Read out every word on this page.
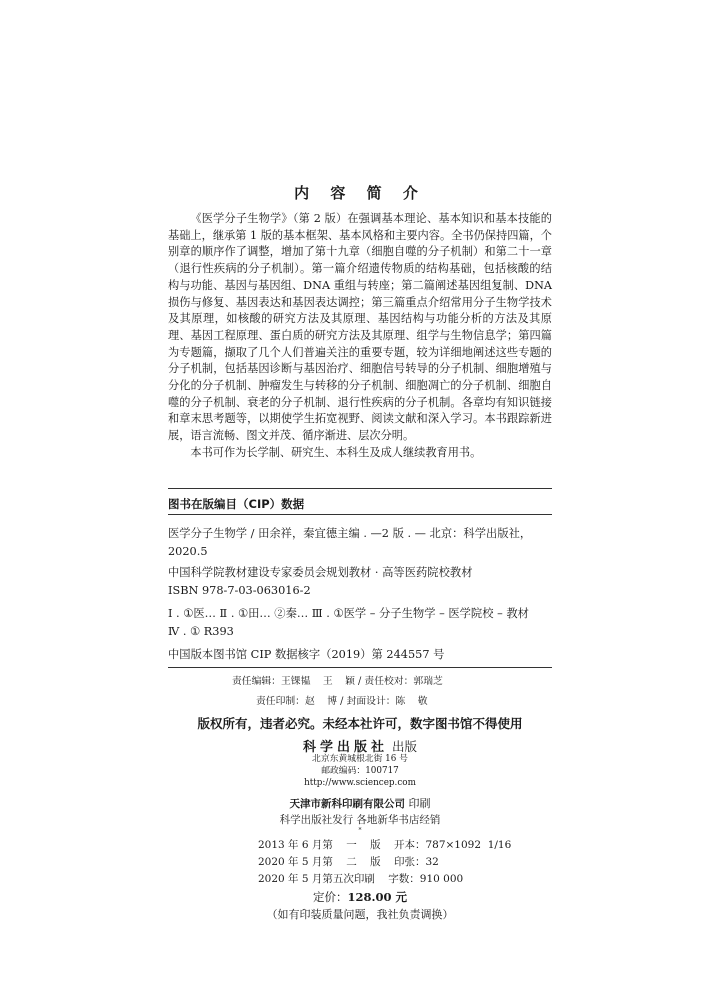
内 容 简 介

《医学分子生物学》（第 2 版）在强调基本理论、基本知识和基本技能的基础上，继承第 1 版的基本框架、基本风格和主要内容。全书仍保持四篇，个别章的顺序作了调整，增加了第十九章（细胞自噬的分子机制）和第二十一章（退行性疾病的分子机制）。第一篇介绍遗传物质的结构基础，包括核酸的结构与功能、基因与基因组、DNA 重组与转座；第二篇阐述基因组复制、DNA 损伤与修复、基因表达和基因表达调控；第三篇重点介绍常用分子生物学技术及其原理，如核酸的研究方法及其原理、基因结构与功能分析的方法及其原理、基因工程原理、蛋白质的研究方法及其原理、组学与生物信息学；第四篇为专题篇，撷取了几个人们普遍关注的重要专题，较为详细地阐述这些专题的分子机制，包括基因诊断与基因治疗、细胞信号转导的分子机制、细胞增殖与分化的分子机制、肿瘤发生与转移的分子机制、细胞凋亡的分子机制、细胞自噬的分子机制、衰老的分子机制、退行性疾病的分子机制。各章均有知识链接和章末思考题等，以期使学生拓宽视野、阅读文献和深入学习。本书跟踪新进展，语言流畅、图文并茂、循序渐进、层次分明。

本书可作为长学制、研究生、本科生及成人继续教育用书。

图书在版编目（CIP）数据
医学分子生物学 / 田余祥，秦宜德主编 . —2 版 . — 北京：科学出版社，
2020.5
中国科学院教材建设专家委员会规划教材 · 高等医药院校教材
ISBN 978-7-03-063016-2
Ⅰ . ①医… Ⅱ . ①田… ②秦… Ⅲ . ①医学 – 分子生物学 – 医学院校 – 教材
Ⅳ . ① R393
中国版本图书馆 CIP 数据核字（2019）第 244557 号
责任编辑：王锞韫    王    颖 / 责任校对：郭瑞芝
责任印制：赵    博 / 封面设计：陈    敬
版权所有，违者必究。未经本社许可，数字图书馆不得使用
科学出版社 出版
北京东黄城根北街 16 号
邮政编码：100717
http://www.sciencep.com
天津市新科印刷有限公司 印刷
科学出版社发行 各地新华书店经销
*
2013 年 6 月第    一    版    开本：787×1092  1/16
2020 年 5 月第    二    版    印张：32
2020 年 5 月第五次印刷    字数：910 000
定价：128.00 元
（如有印装质量问题，我社负责调换）
